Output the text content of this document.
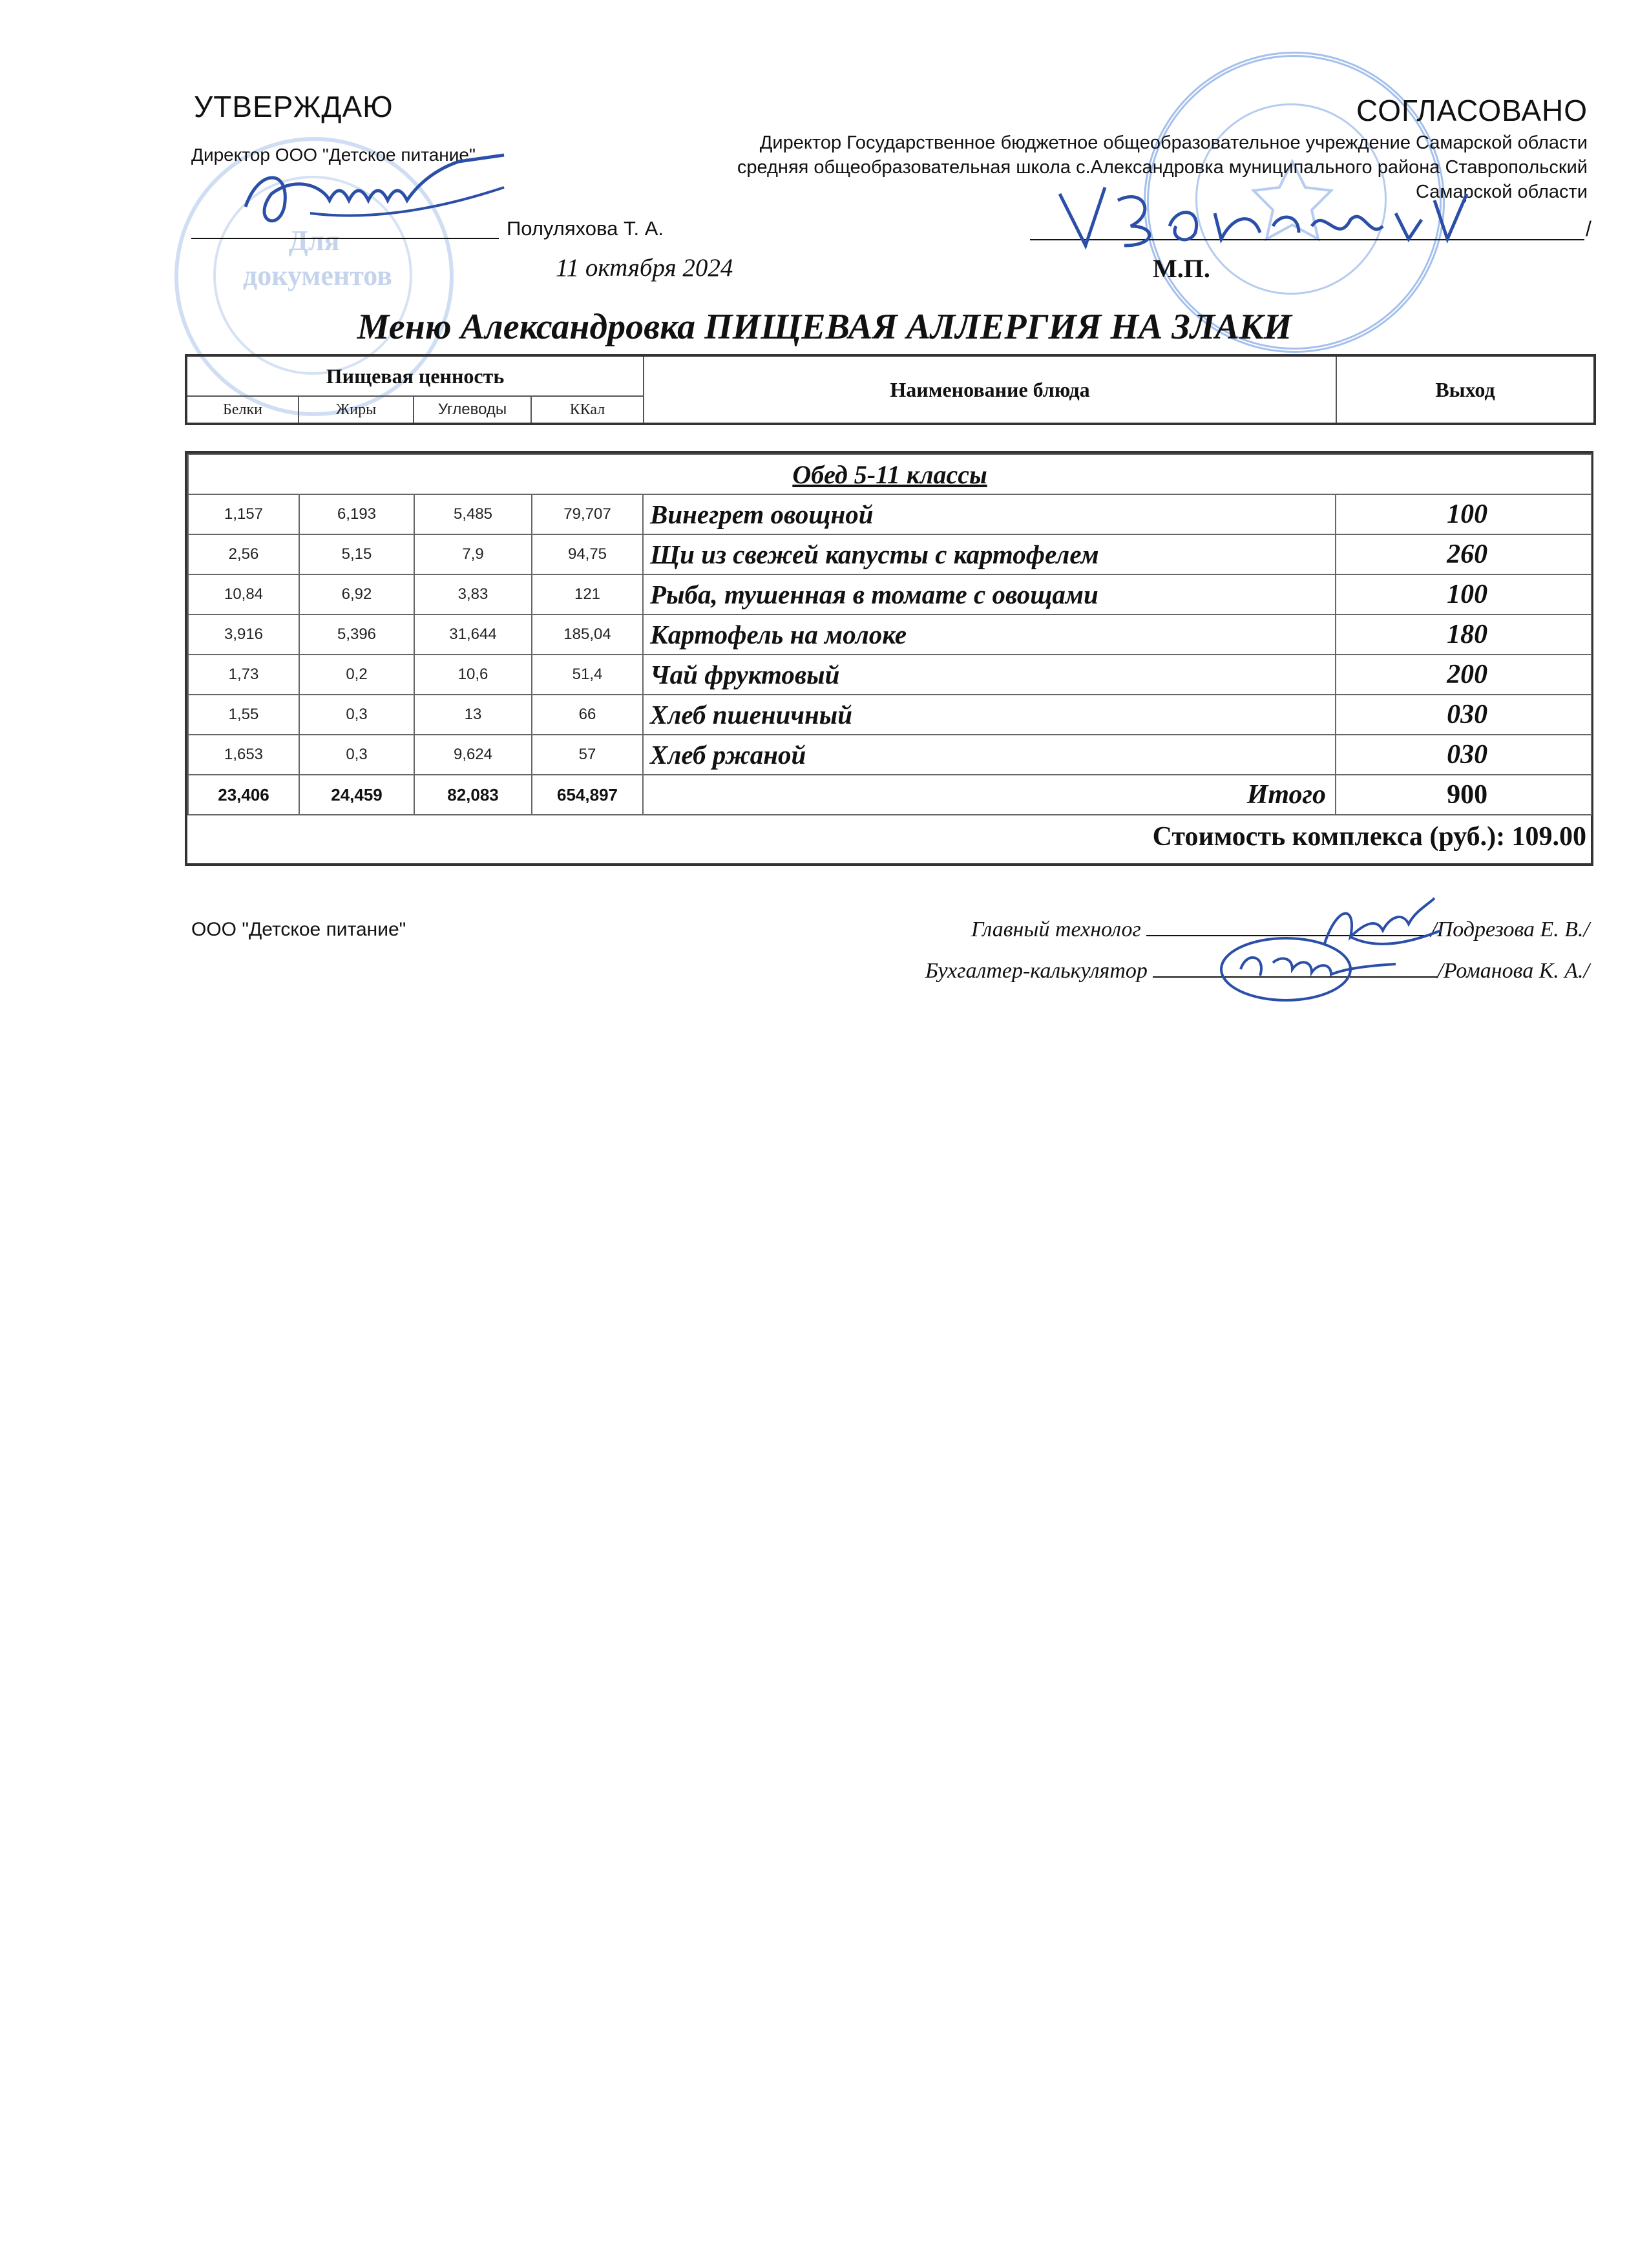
Для
документов
УТВЕРЖДАЮ
Директор ООО "Детское питание"
Полуляхова Т. А.
11 октября 2024
СОГЛАСОВАНО
Директор Государственное бюджетное общеобразовательное учреждение Самарской области средняя общеобразовательная школа с.Александровка муниципального района Ставропольский Самарской области
/
М.П.
Меню Александровка ПИЩЕВАЯ АЛЛЕРГИЯ НА ЗЛАКИ
Пищевая ценность				Наименование блюда	Выход
Белки	Жиры	Углеводы	ККал		
Обед 5-11 классы					
1,157	6,193	5,485	79,707	Винегрет овощной	100
2,56	5,15	7,9	94,75	Щи из свежей капусты с картофелем	260
10,84	6,92	3,83	121	Рыба, тушенная в томате с овощами	100
3,916	5,396	31,644	185,04	Картофель на молоке	180
1,73	0,2	10,6	51,4	Чай фруктовый	200
1,55	0,3	13	66	Хлеб пшеничный	030
1,653	0,3	9,624	57	Хлеб ржаной	030
23,406	24,459	82,083	654,897	Итого	900
Стоимость комплекса (руб.): 109.00					
ООО "Детское питание"	Главный технолог	/Подрезова Е. В./
Бухгалтер-калькулятор	/Романова К. А./
